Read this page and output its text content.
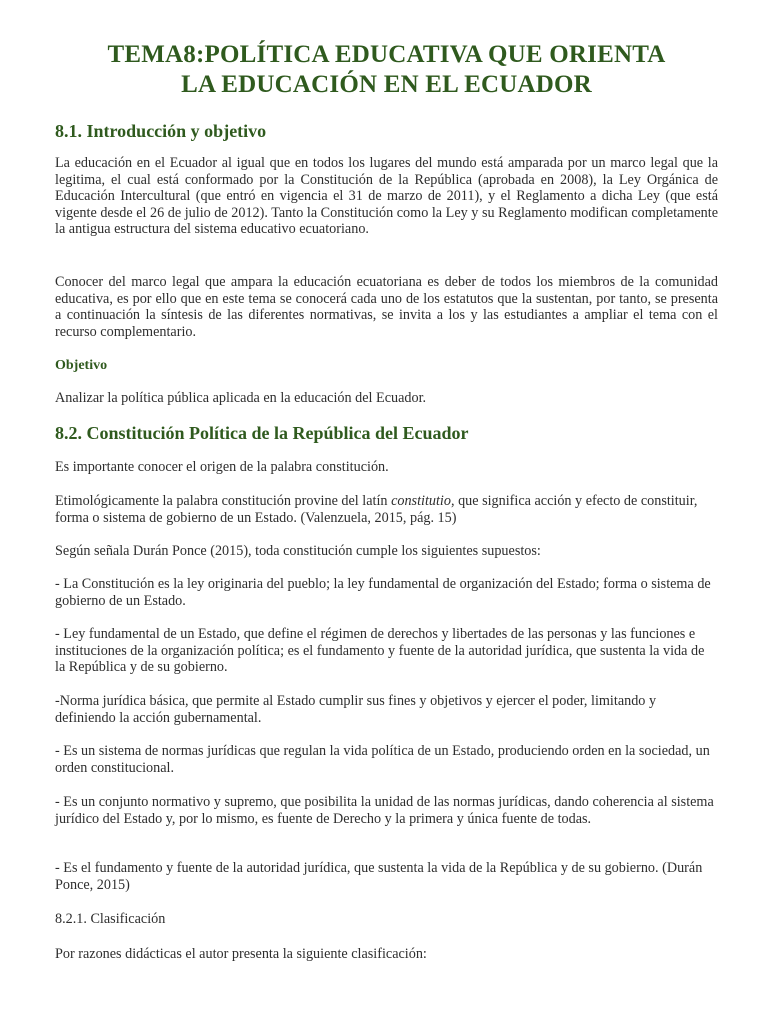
TEMA8:POLÍTICA EDUCATIVA QUE ORIENTA
LA EDUCACIÓN EN EL ECUADOR
8.1. Introducción y objetivo

La educación en el Ecuador al igual que en todos los lugares del mundo está amparada por un marco legal que la legitima, el cual está conformado por la Constitución de la República (aprobada en 2008), la Ley Orgánica de Educación Intercultural (que entró en vigencia el 31 de marzo de 2011), y el Reglamento a dicha Ley (que está vigente desde el 26 de julio de 2012). Tanto la Constitución como la Ley y su Reglamento modifican completamente la antigua estructura del sistema educativo ecuatoriano.

Conocer del marco legal que ampara la educación ecuatoriana es deber de todos los miembros de la comunidad educativa, es por ello que en este tema se conocerá cada uno de los estatutos que la sustentan, por tanto, se presenta a continuación la síntesis de las diferentes normativas, se invita a los y las estudiantes a ampliar el tema con el recurso complementario.

Objetivo

Analizar la política pública aplicada en la educación del Ecuador.

8.2. Constitución Política de la República del Ecuador

Es importante conocer el origen de la palabra constitución.

Etimológicamente la palabra constitución provine del latín constitutio, que significa acción y efecto de constituir, forma o sistema de gobierno de un Estado. (Valenzuela, 2015, pág. 15)

Según señala Durán Ponce (2015), toda constitución cumple los siguientes supuestos:

- La Constitución es la ley originaria del pueblo; la ley fundamental de organización del Estado; forma o sistema de gobierno de un Estado.

- Ley fundamental de un Estado, que define el régimen de derechos y libertades de las personas y las funciones e instituciones de la organización política; es el fundamento y fuente de la autoridad jurídica, que sustenta la vida de la República y de su gobierno.

-Norma jurídica básica, que permite al Estado cumplir sus fines y objetivos y ejercer el poder, limitando y definiendo la acción gubernamental.

- Es un sistema de normas jurídicas que regulan la vida política de un Estado, produciendo orden en la sociedad, un orden constitucional.

- Es un conjunto normativo y supremo, que posibilita la unidad de las normas jurídicas, dando coherencia al sistema jurídico del Estado y, por lo mismo, es fuente de Derecho y la primera y única fuente de todas.

- Es el fundamento y fuente de la autoridad jurídica, que sustenta la vida de la República y de su gobierno. (Durán Ponce, 2015)

8.2.1. Clasificación

Por razones didácticas el autor presenta la siguiente clasificación:
